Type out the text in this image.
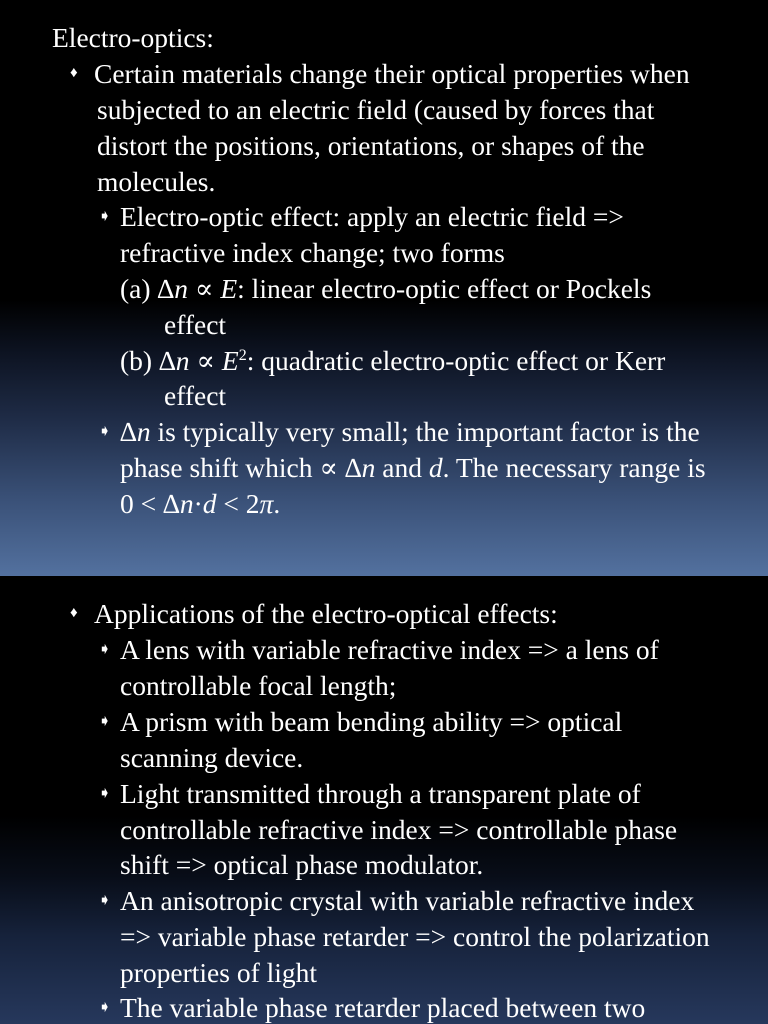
Electro-optics:
♦ Certain materials change their optical properties when
subjected to an electric field (caused by forces that
distort the positions, orientations, or shapes of the
molecules.
➧ Electro-optic effect: apply an electric field =>
refractive index change; two forms
(a) ∆n ∝ E: linear electro-optic effect or Pockels
effect
(b) $\Delta n \propto E^2$: quadratic electro-optic effect or Kerr
effect
➧ ∆n is typically very small; the important factor is the
phase shift which ∝ ∆n and d. The necessary range is
0 < ∆n·d < 2π.
♦ Applications of the electro-optical effects:
➧ A lens with variable refractive index => a lens of
controllable focal length;
➧ A prism with beam bending ability => optical
scanning device.
➧ Light transmitted through a transparent plate of
controllable refractive index => controllable phase
shift => optical phase modulator.
➧ An anisotropic crystal with variable refractive index
=> variable phase retarder => control the polarization
properties of light
➧ The variable phase retarder placed between two
